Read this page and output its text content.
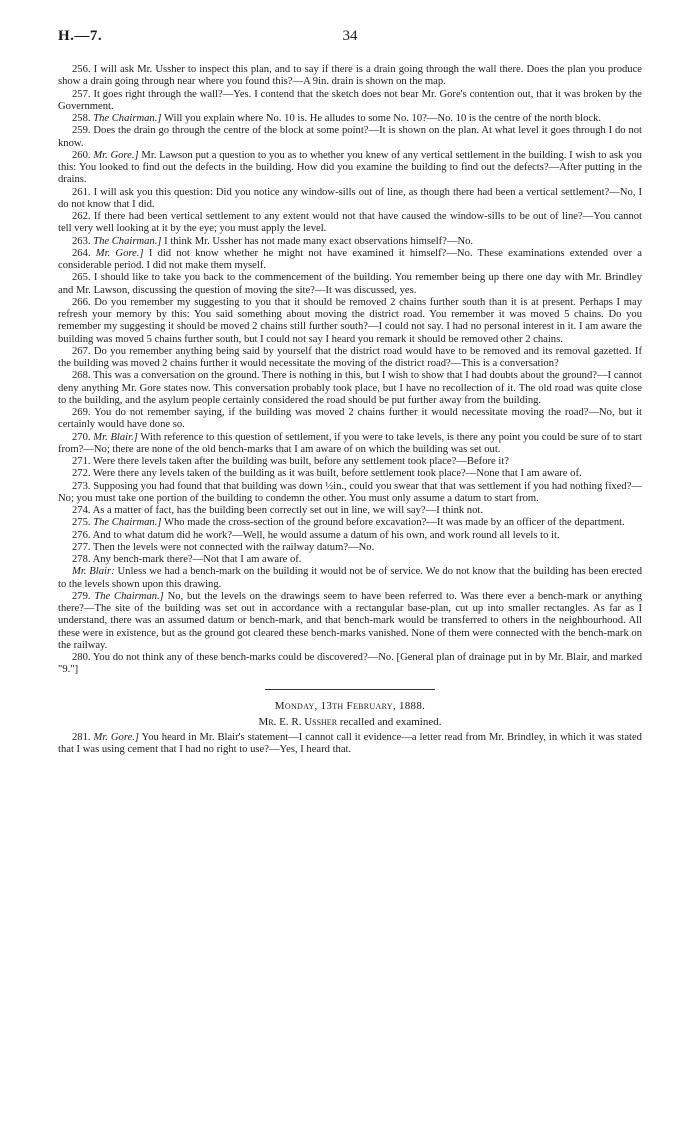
H.—7.	34

256. I will ask Mr. Ussher to inspect this plan, and to say if there is a drain going through the wall there. Does the plan you produce show a drain going through near where you found this?—A 9in. drain is shown on the map.

257. It goes right through the wall?—Yes. I contend that the sketch does not bear Mr. Gore's contention out, that it was broken by the Government.

258. The Chairman.] Will you explain where No. 10 is. He alludes to some No. 10?—No. 10 is the centre of the north block.

259. Does the drain go through the centre of the block at some point?—It is shown on the plan. At what level it goes through I do not know.

260. Mr. Gore.] Mr. Lawson put a question to you as to whether you knew of any vertical settlement in the building. I wish to ask you this: You looked to find out the defects in the building. How did you examine the building to find out the defects?—After putting in the drains.

261. I will ask you this question: Did you notice any window-sills out of line, as though there had been a vertical settlement?—No, I do not know that I did.

262. If there had been vertical settlement to any extent would not that have caused the window-sills to be out of line?—You cannot tell very well looking at it by the eye; you must apply the level.

263. The Chairman.] I think Mr. Ussher has not made many exact observations himself?—No.

264. Mr. Gore.] I did not know whether he might not have examined it himself?—No. These examinations extended over a considerable period. I did not make them myself.

265. I should like to take you back to the commencement of the building. You remember being up there one day with Mr. Brindley and Mr. Lawson, discussing the question of moving the site?—It was discussed, yes.

266. Do you remember my suggesting to you that it should be removed 2 chains further south than it is at present. Perhaps I may refresh your memory by this: You said something about moving the district road. You remember it was moved 5 chains. Do you remember my suggesting it should be moved 2 chains still further south?—I could not say. I had no personal interest in it. I am aware the building was moved 5 chains further south, but I could not say I heard you remark it should be removed other 2 chains.

267. Do you remember anything being said by yourself that the district road would have to be removed and its removal gazetted. If the building was moved 2 chains further it would necessitate the moving of the district road?—This is a conversation?

268. This was a conversation on the ground. There is nothing in this, but I wish to show that I had doubts about the ground?—I cannot deny anything Mr. Gore states now. This conversation probably took place, but I have no recollection of it. The old road was quite close to the building, and the asylum people certainly considered the road should be put further away from the building.

269. You do not remember saying, if the building was moved 2 chains further it would necessitate moving the road?—No, but it certainly would have done so.

270. Mr. Blair.] With reference to this question of settlement, if you were to take levels, is there any point you could be sure of to start from?—No; there are none of the old bench-marks that I am aware of on which the building was set out.

271. Were there levels taken after the building was built, before any settlement took place?—Before it?

272. Were there any levels taken of the building as it was built, before settlement took place?—None that I am aware of.

273. Supposing you had found that that building was down ½in., could you swear that that was settlement if you had nothing fixed?—No; you must take one portion of the building to condemn the other. You must only assume a datum to start from.

274. As a matter of fact, has the building been correctly set out in line, we will say?—I think not.

275. The Chairman.] Who made the cross-section of the ground before excavation?—It was made by an officer of the department.

276. And to what datum did he work?—Well, he would assume a datum of his own, and work round all levels to it.

277. Then the levels were not connected with the railway datum?—No.

278. Any bench-mark there?—Not that I am aware of.

Mr. Blair: Unless we had a bench-mark on the building it would not be of service. We do not know that the building has been erected to the levels shown upon this drawing.

279. The Chairman.] No, but the levels on the drawings seem to have been referred to. Was there ever a bench-mark or anything there?—The site of the building was set out in accordance with a rectangular base-plan, cut up into smaller rectangles. As far as I understand, there was an assumed datum or bench-mark, and that bench-mark would be transferred to others in the neighbourhood. All these were in existence, but as the ground got cleared these bench-marks vanished. None of them were connected with the bench-mark on the railway.

280. You do not think any of these bench-marks could be discovered?—No. [General plan of drainage put in by Mr. Blair, and marked "9."]

Monday, 13th February, 1888.

Mr. E. R. Ussher recalled and examined.

281. Mr. Gore.] You heard in Mr. Blair's statement—I cannot call it evidence—a letter read from Mr. Brindley, in which it was stated that I was using cement that I had no right to use?—Yes, I heard that.
